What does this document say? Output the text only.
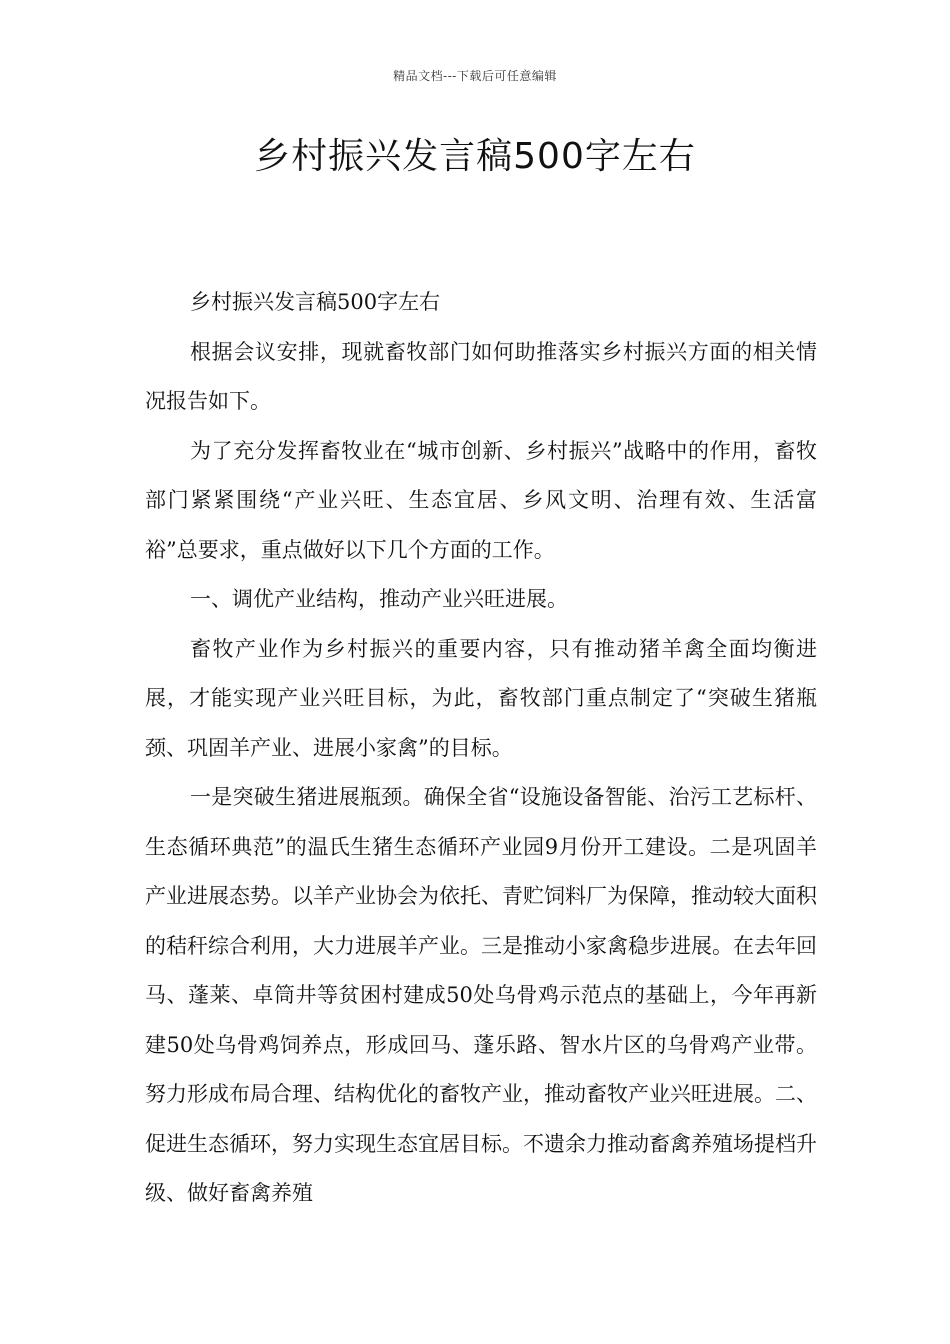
精品文档---下载后可任意编辑
乡村振兴发言稿500字左右

乡村振兴发言稿500字左右

根据会议安排，现就畜牧部门如何助推落实乡村振兴方面的相关情况报告如下。

为了充分发挥畜牧业在“城市创新、乡村振兴”战略中的作用，畜牧部门紧紧围绕“产业兴旺、生态宜居、乡风文明、治理有效、生活富裕”总要求，重点做好以下几个方面的工作。

一、调优产业结构，推动产业兴旺进展。

畜牧产业作为乡村振兴的重要内容，只有推动猪羊禽全面均衡进展，才能实现产业兴旺目标，为此，畜牧部门重点制定了“突破生猪瓶颈、巩固羊产业、进展小家禽”的目标。

一是突破生猪进展瓶颈。确保全省“设施设备智能、治污工艺标杆、生态循环典范”的温氏生猪生态循环产业园9月份开工建设。二是巩固羊产业进展态势。以羊产业协会为依托、青贮饲料厂为保障，推动较大面积的秸秆综合利用，大力进展羊产业。三是推动小家禽稳步进展。在去年回马、蓬莱、卓筒井等贫困村建成50处乌骨鸡示范点的基础上，今年再新建50处乌骨鸡饲养点，形成回马、蓬乐路、智水片区的乌骨鸡产业带。努力形成布局合理、结构优化的畜牧产业，推动畜牧产业兴旺进展。二、促进生态循环，努力实现生态宜居目标。不遗余力推动畜禽养殖场提档升级、做好畜禽养殖
